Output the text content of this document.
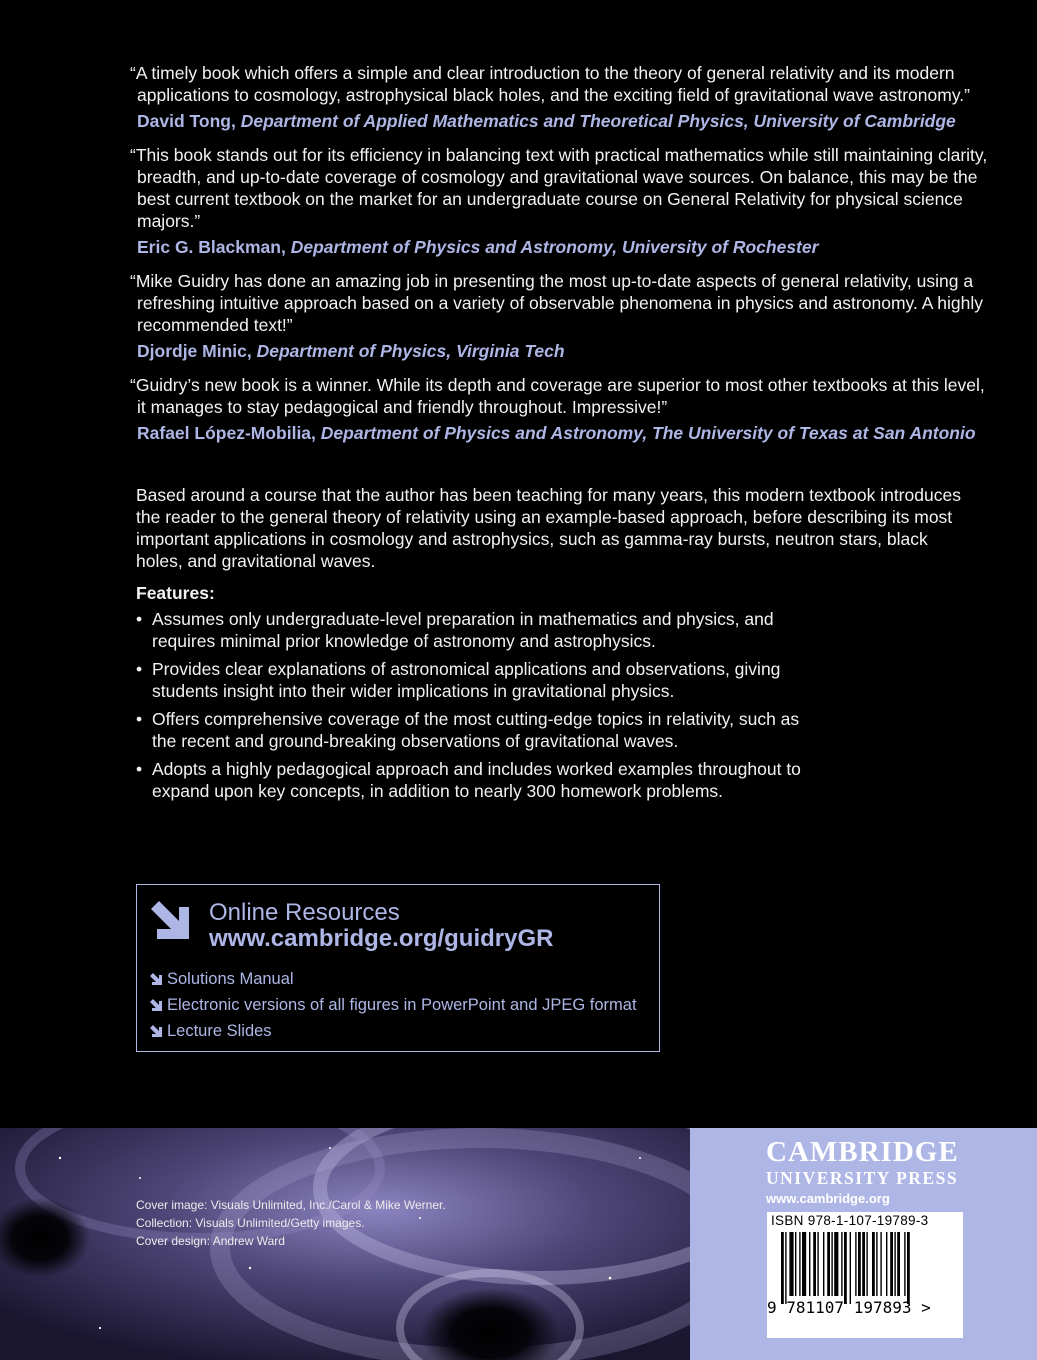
“A timely book which offers a simple and clear introduction to the theory of general relativity and its modern applications to cosmology, astrophysical black holes, and the exciting field of gravitational wave astronomy.”
David Tong, Department of Applied Mathematics and Theoretical Physics, University of Cambridge
“This book stands out for its efficiency in balancing text with practical mathematics while still maintaining clarity, breadth, and up-to-date coverage of cosmology and gravitational wave sources. On balance, this may be the best current textbook on the market for an undergraduate course on General Relativity for physical science majors.”
Eric G. Blackman, Department of Physics and Astronomy, University of Rochester
“Mike Guidry has done an amazing job in presenting the most up-to-date aspects of general relativity, using a refreshing intuitive approach based on a variety of observable phenomena in physics and astronomy. A highly recommended text!”
Djordje Minic, Department of Physics, Virginia Tech
“Guidry’s new book is a winner. While its depth and coverage are superior to most other textbooks at this level, it manages to stay pedagogical and friendly throughout. Impressive!”
Rafael López-Mobilia, Department of Physics and Astronomy, The University of Texas at San Antonio
Based around a course that the author has been teaching for many years, this modern textbook introduces the reader to the general theory of relativity using an example-based approach, before describing its most important applications in cosmology and astrophysics, such as gamma-ray bursts, neutron stars, black holes, and gravitational waves.
Features:
• Assumes only undergraduate-level preparation in mathematics and physics, and requires minimal prior knowledge of astronomy and astrophysics.
• Provides clear explanations of astronomical applications and observations, giving students insight into their wider implications in gravitational physics.
• Offers comprehensive coverage of the most cutting-edge topics in relativity, such as the recent and ground-breaking observations of gravitational waves.
• Adopts a highly pedagogical approach and includes worked examples throughout to expand upon key concepts, in addition to nearly 300 homework problems.
Online Resources
www.cambridge.org/guidryGR
Solutions Manual
Electronic versions of all figures in PowerPoint and JPEG format
Lecture Slides
Cover image: Visuals Unlimited, Inc./Carol & Mike Werner.
Collection: Visuals Unlimited/Getty images.
Cover design: Andrew Ward
CAMBRIDGE
UNIVERSITY PRESS
www.cambridge.org
ISBN 978-1-107-19789-3
9 781107 197893 >
